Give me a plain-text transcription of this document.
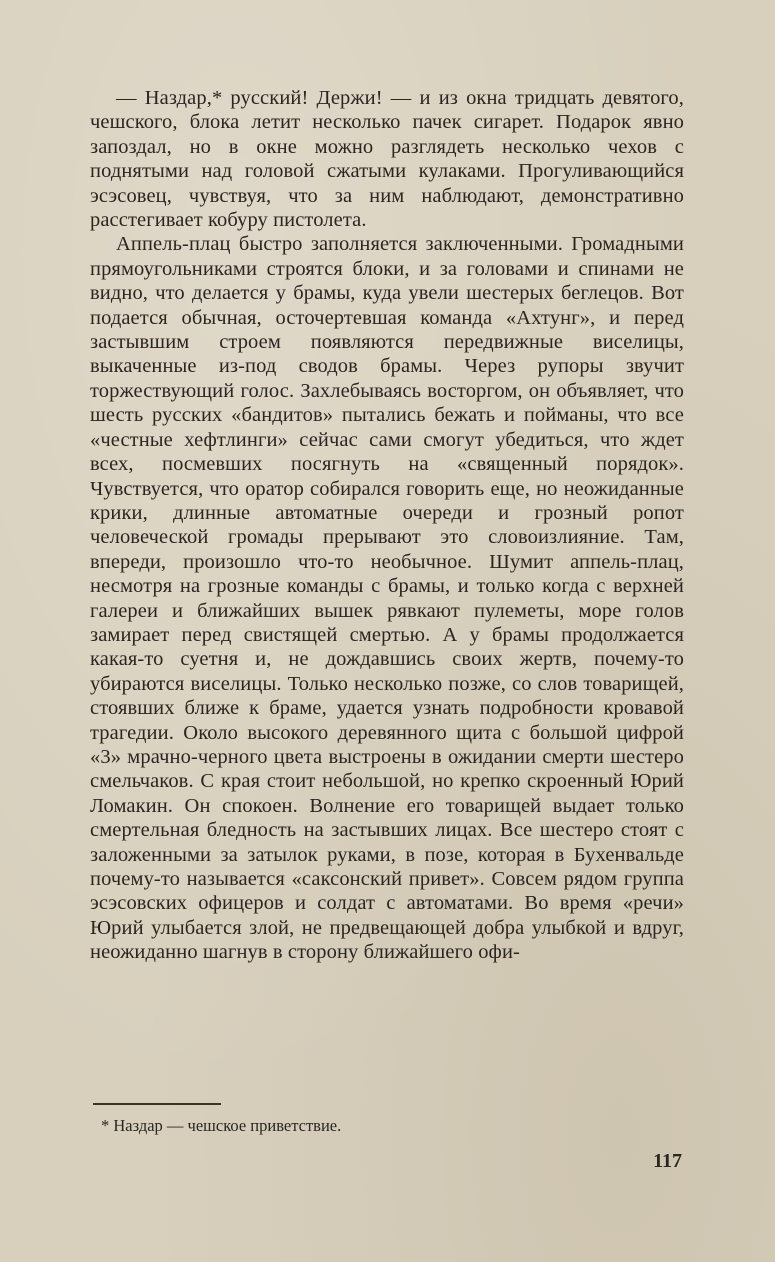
— Наздар,* русский! Держи! — и из окна тридцать девятого, чешского, блока летит несколько пачек сигарет. Подарок явно запоздал, но в окне можно разглядеть несколько чехов с поднятыми над головой сжатыми кулаками. Прогуливающийся эсэсовец, чувствуя, что за ним наблюдают, демонстративно расстегивает кобуру пистолета.

Аппель-плац быстро заполняется заключенными. Громадными прямоугольниками строятся блоки, и за головами и спинами не видно, что делается у брамы, куда увели шестерых беглецов. Вот подается обычная, осточертевшая команда «Ахтунг», и перед застывшим строем появляются передвижные виселицы, выкаченные из-под сводов брамы. Через рупоры звучит торжествующий голос. Захлебываясь восторгом, он объявляет, что шесть русских «бандитов» пытались бежать и пойманы, что все «честные хефтлинги» сейчас сами смогут убедиться, что ждет всех, посмевших посягнуть на «священный порядок». Чувствуется, что оратор собирался говорить еще, но неожиданные крики, длинные автоматные очереди и грозный ропот человеческой громады прерывают это словоизлияние. Там, впереди, произошло что-то необычное. Шумит аппель-плац, несмотря на грозные команды с брамы, и только когда с верхней галереи и ближайших вышек рявкают пулеметы, море голов замирает перед свистящей смертью. А у брамы продолжается какая-то суетня и, не дождавшись своих жертв, почему-то убираются виселицы. Только несколько позже, со слов товарищей, стоявших ближе к браме, удается узнать подробности кровавой трагедии. Около высокого деревянного щита с большой цифрой «3» мрачно-черного цвета выстроены в ожидании смерти шестеро смельчаков. С края стоит небольшой, но крепко скроенный Юрий Ломакин. Он спокоен. Волнение его товарищей выдает только смертельная бледность на застывших лицах. Все шестеро стоят с заложенными за затылок руками, в позе, которая в Бухенвальде почему-то называется «саксонский привет». Совсем рядом группа эсэсовских офицеров и солдат с автоматами. Во время «речи» Юрий улыбается злой, не предвещающей добра улыбкой и вдруг, неожиданно шагнув в сторону ближайшего офи-

* Наздар — чешское приветствие.
117
